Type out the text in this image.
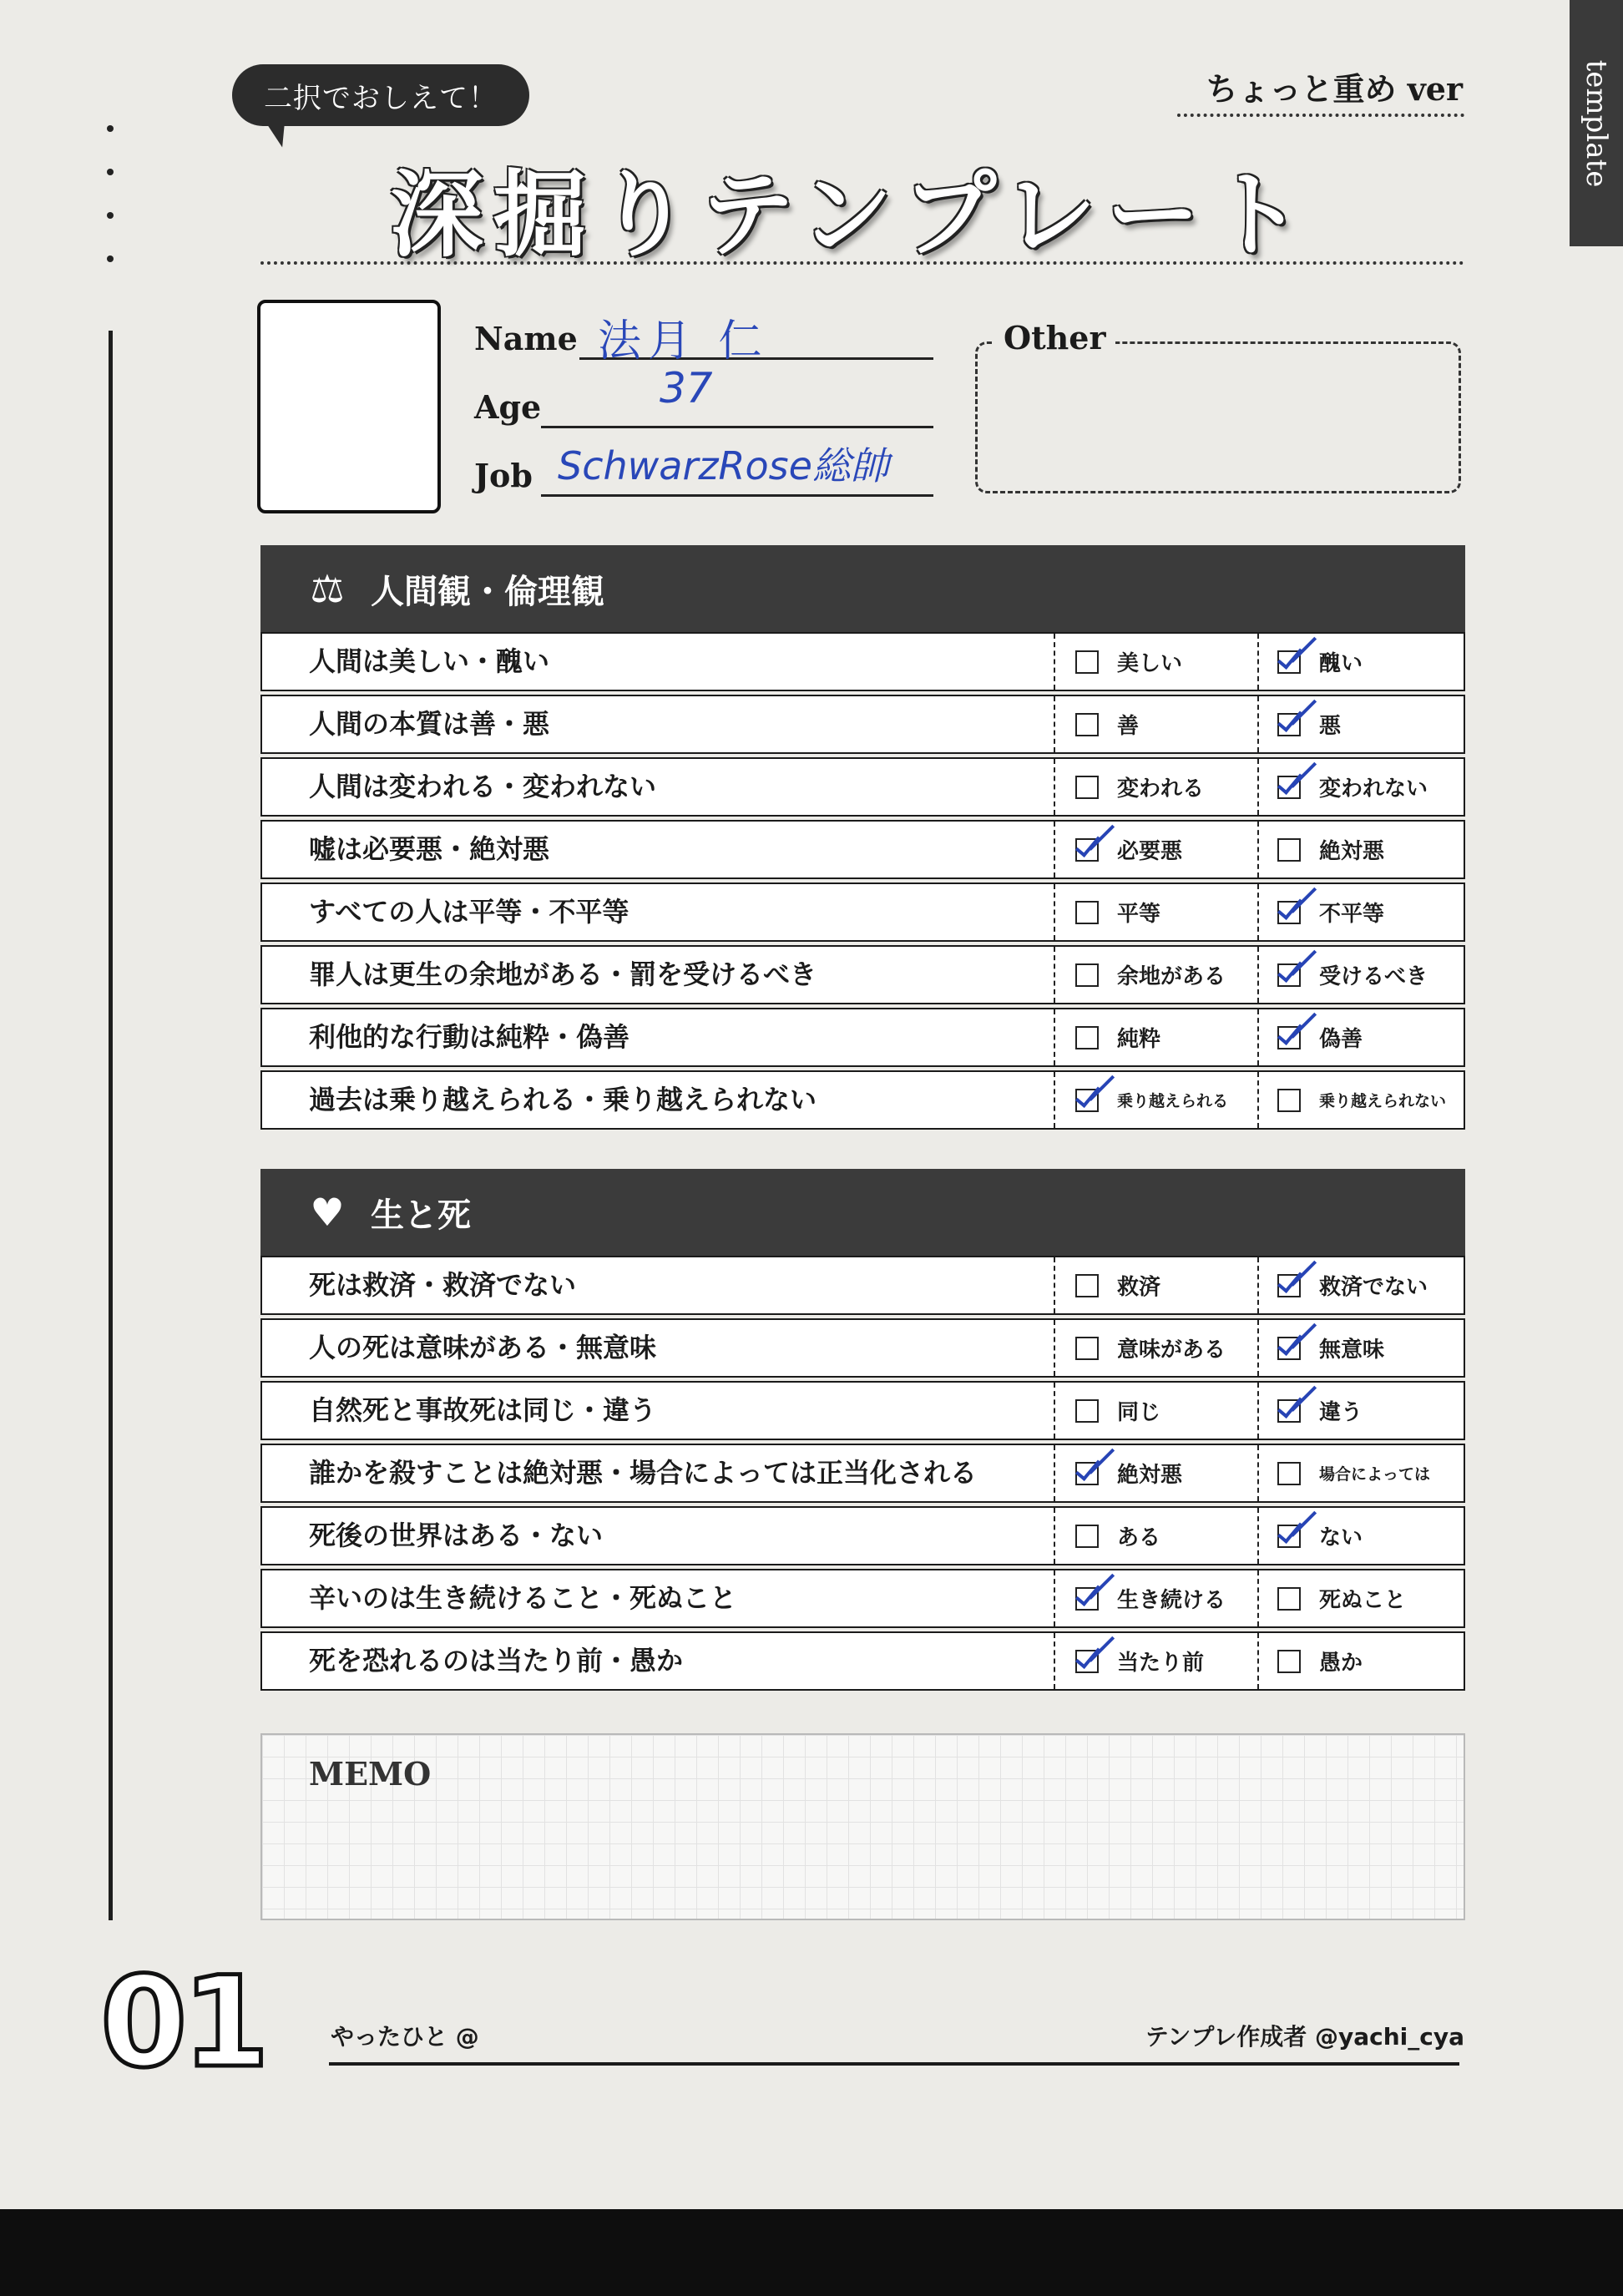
template
二択でおしえて！	ちょっと重め ver
深掘りテンプレート
Name 法月 仁
Age	37
Job SchwarzRose総帥
Other
⚖ 人間観・倫理観
人間は美しい・醜い	美しい	醜い
人間の本質は善・悪	善	悪
人間は変われる・変われない	変われる	変われない
嘘は必要悪・絶対悪	必要悪	絶対悪
すべての人は平等・不平等	平等	不平等
罪人は更生の余地がある・罰を受けるべき	余地がある	受けるべき
利他的な行動は純粋・偽善	純粋	偽善
過去は乗り越えられる・乗り越えられない	乗り越えられる	乗り越えられない
♥ 生と死
死は救済・救済でない	救済	救済でない
人の死は意味がある・無意味	意味がある	無意味
自然死と事故死は同じ・違う	同じ	違う
誰かを殺すことは絶対悪・場合によっては正当化される	絶対悪	場合によっては
死後の世界はある・ない	ある	ない
辛いのは生き続けること・死ぬこと	生き続ける	死ぬこと
死を恐れるのは当たり前・愚か	当たり前	愚か
MEMO
01	やったひと @	テンプレ作成者 @yachi_cya
